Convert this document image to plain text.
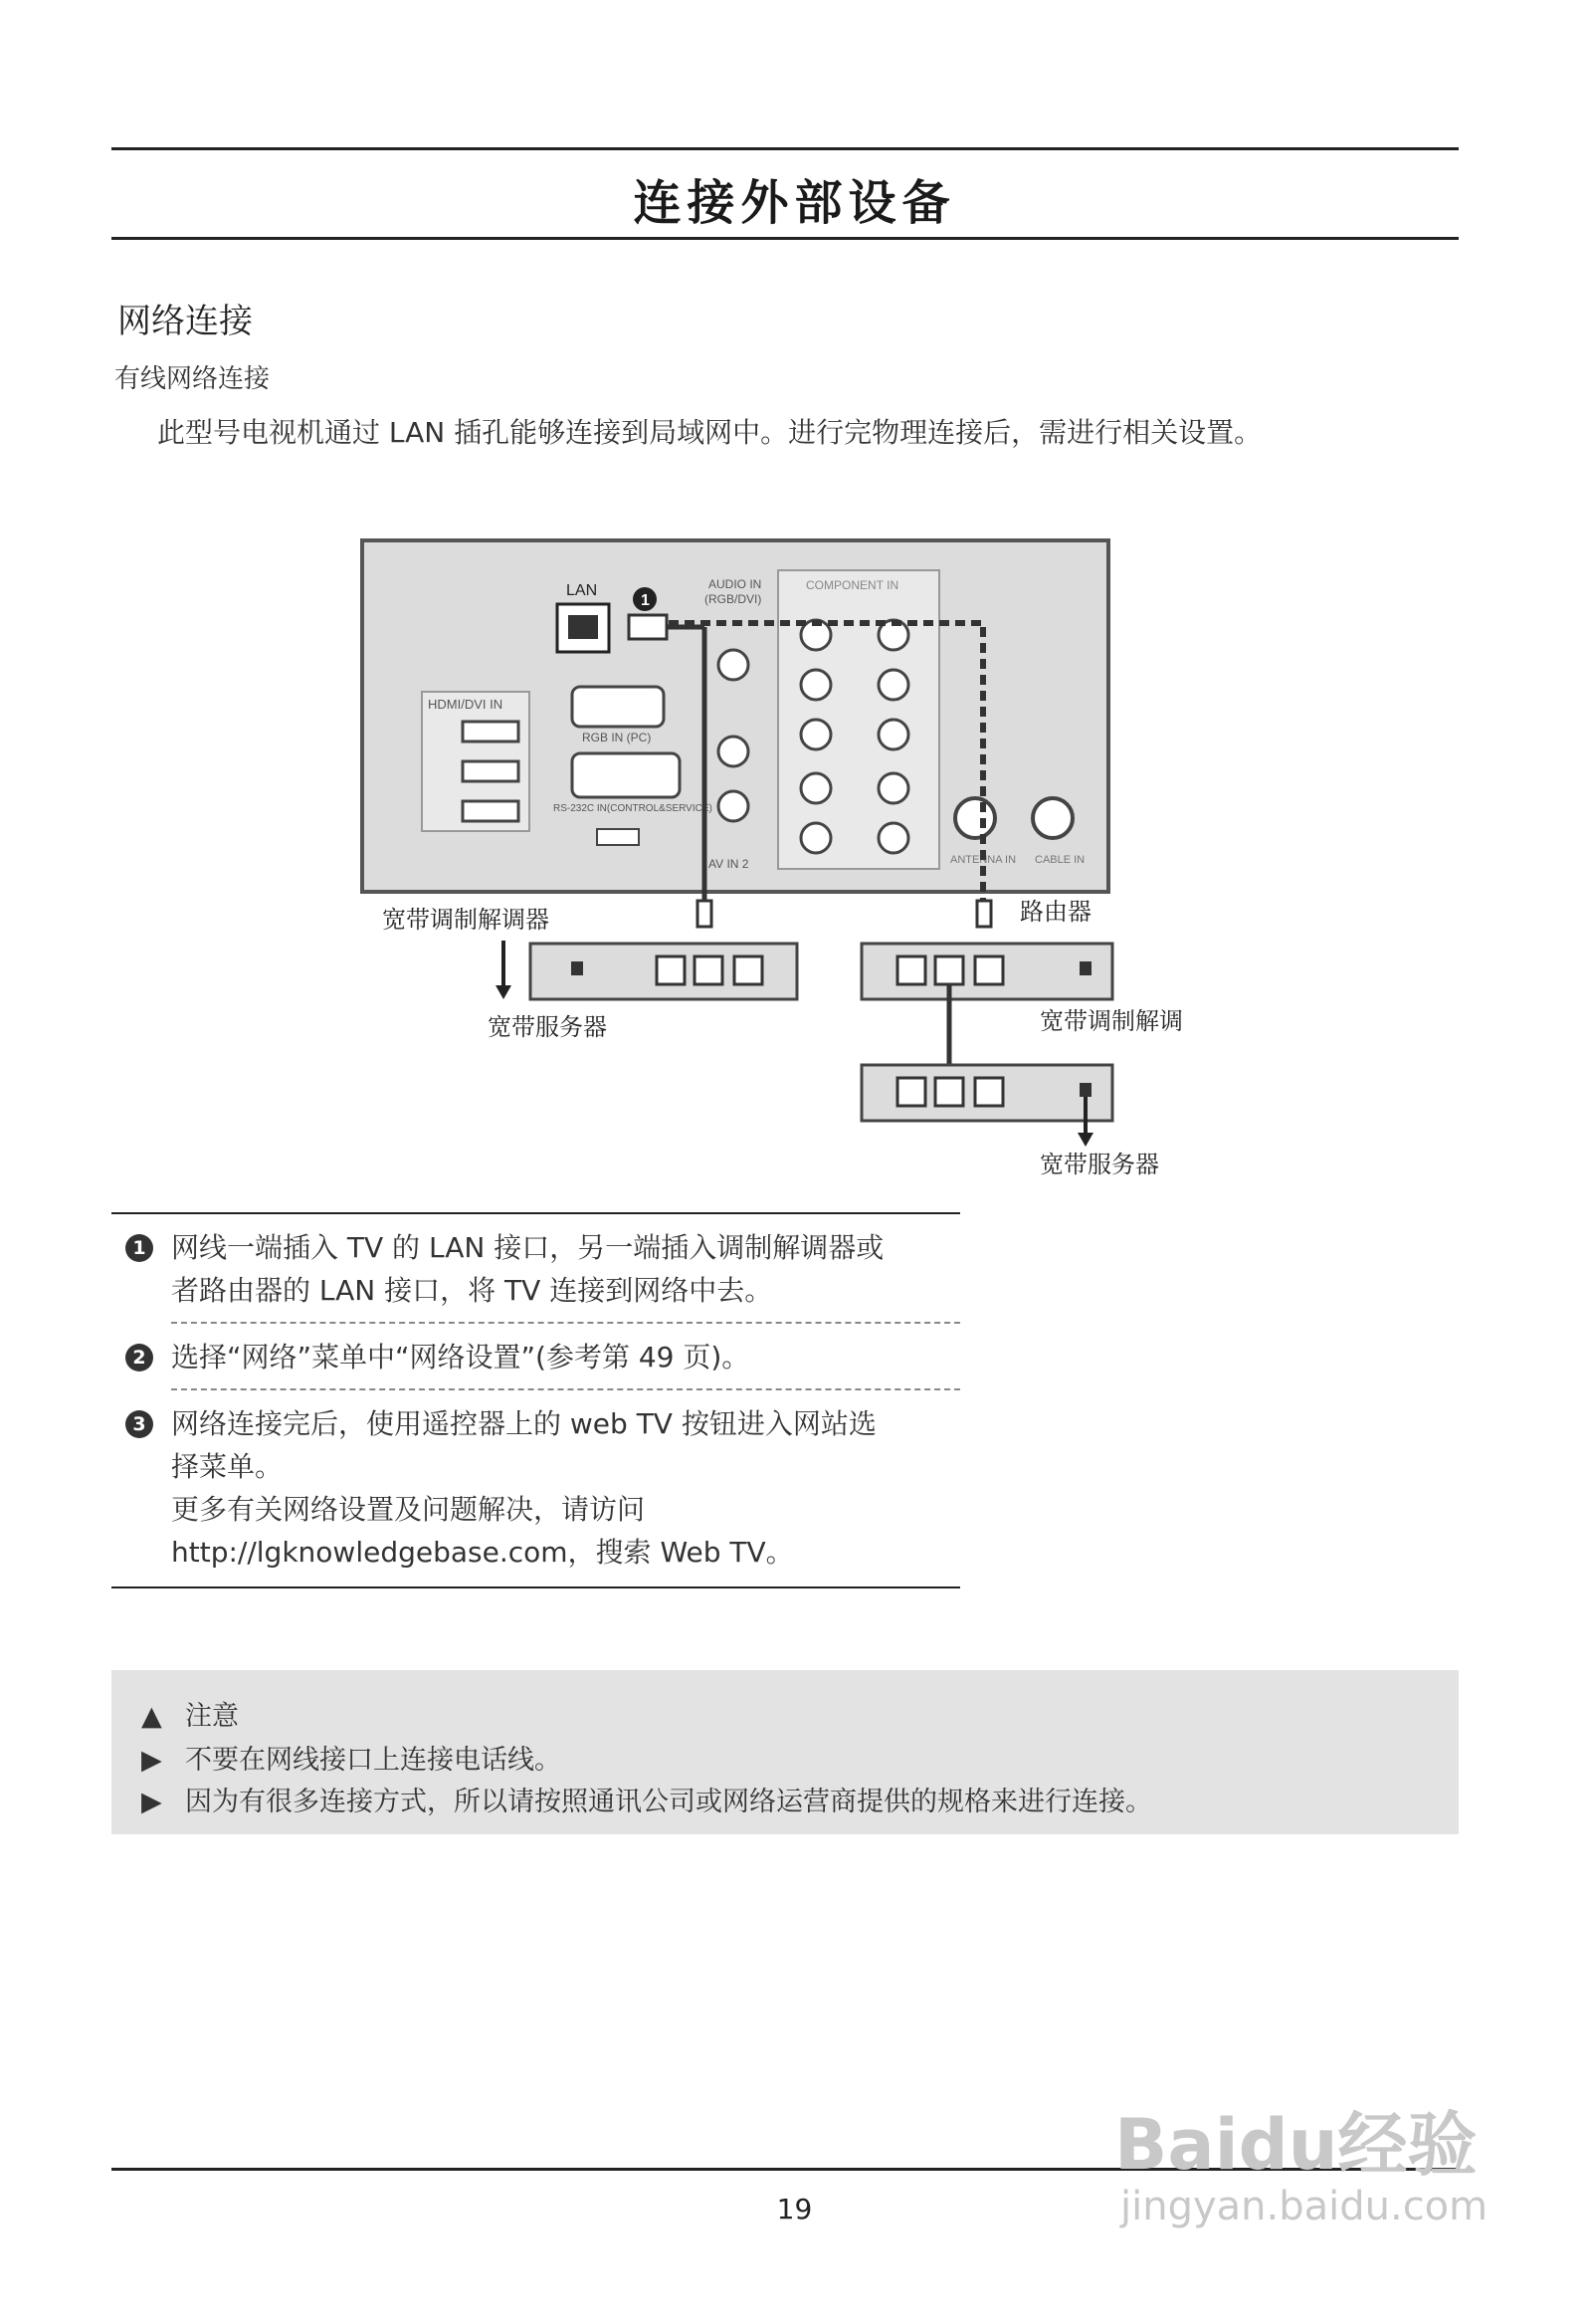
连接外部设备
网络连接
有线网络连接
此型号电视机通过 LAN 插孔能够连接到局域网中。进行完物理连接后，需进行相关设置。
LAN
1
AUDIO IN
(RGB/DVI)
COMPONENT IN
AV IN 2
HDMI/DVI IN
RGB IN (PC)
RS-232C IN(CONTROL&SERVICE)
ANTENNA IN CABLE IN
宽带调制解调器
宽带服务器
路由器
宽带调制解调
宽带服务器
1 网线一端插入 TV 的 LAN 接口，另一端插入调制解调器或
者路由器的 LAN 接口，将 TV 连接到网络中去。
2 选择“网络”菜单中“网络设置”(参考第 49 页)。
3 网络连接完后，使用遥控器上的 web TV 按钮进入网站选
择菜单。
更多有关网络设置及问题解决，请访问
http://lgknowledgebase.com，搜索 Web TV。
▲ 注意
▶ 不要在网线接口上连接电话线。
▶ 因为有很多连接方式，所以请按照通讯公司或网络运营商提供的规格来进行连接。
19
Baidu经验
jingyan.baidu.com
